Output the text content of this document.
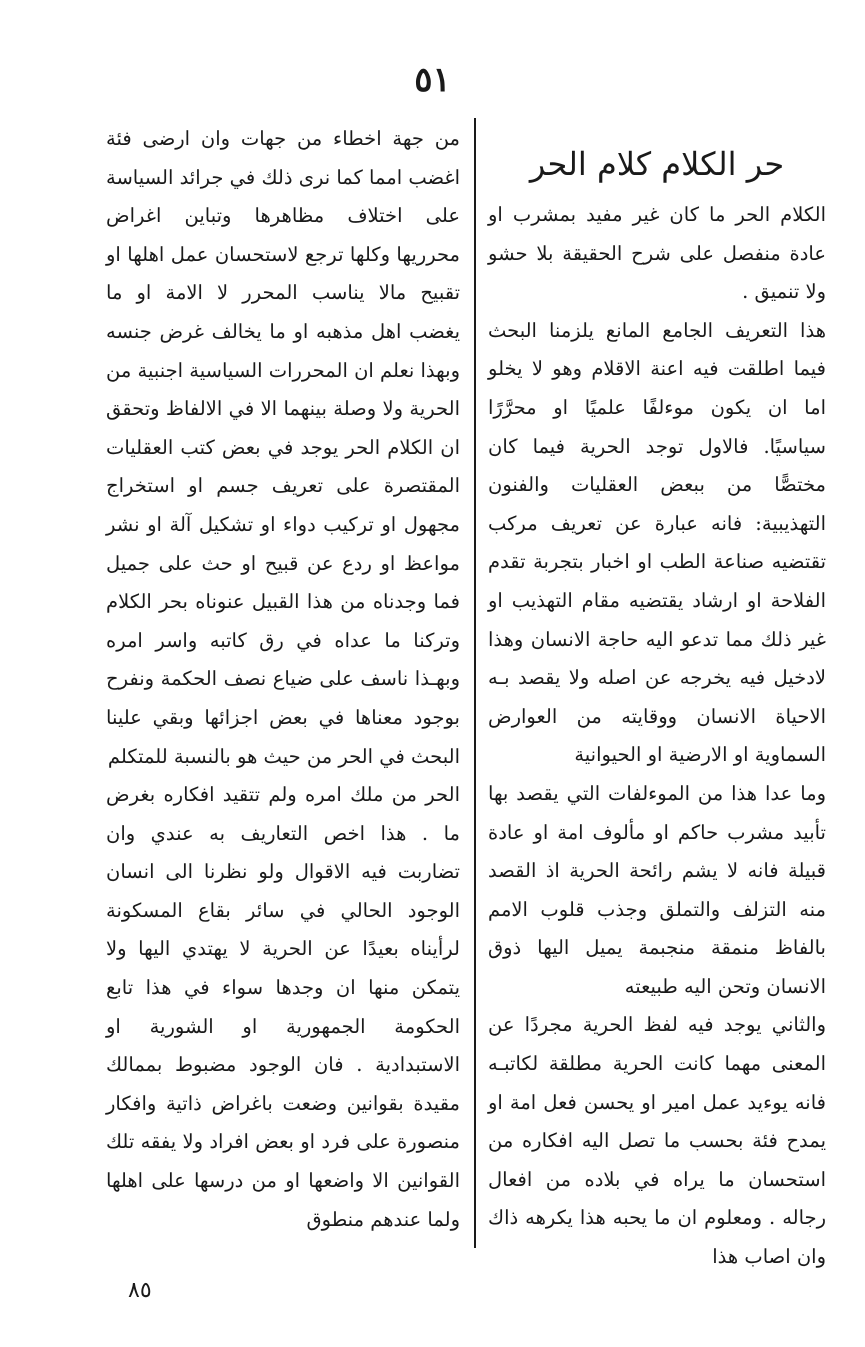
٥١

حر الكلام كلام الحر

الكلام الحر ما كان غير مفيد بمشرب او عادة منفصل على شرح الحقيقة بلا حشو ولا تنميق .

هذا التعريف الجامع المانع يلزمنا البحث فيما اطلقت فيه اعنة الاقلام وهو لا يخلو اما ان يكون موءلفًا علميًا او محرَّرًا سياسيًا. فالاول توجد الحرية فيما كان مختصًّا من ببعض العقليات والفنون التهذيبية: فانه عبارة عن تعريف مركب تقتضيه صناعة الطب او اخبار بتجربة تقدم الفلاحة او ارشاد يقتضيه مقام التهذيب او غير ذلك مما تدعو اليه حاجة الانسان وهذا لادخيل فيه يخرجه عن اصله ولا يقصد بـه الاحياة الانسان ووقايته من العوارض السماوية او الارضية او الحيوانية

وما عدا هذا من الموءلفات التي يقصد بها تأبيد مشرب حاكم او مألوف امة او عادة قبيلة فانه لا يشم رائحة الحرية اذ القصد منه التزلف والتملق وجذب قلوب الامم بالفاظ منمقة منجبمة يميل اليها ذوق الانسان وتحن اليه طبيعته

والثاني يوجد فيه لفظ الحرية مجردًا عن المعنى مهما كانت الحرية مطلقة لكاتبـه فانه يوءيد عمل امير او يحسن فعل امة او يمدح فئة بحسب ما تصل اليه افكاره من استحسان ما يراه في بلاده من افعال رجاله . ومعلوم ان ما يحبه هذا يكرهه ذاك وان اصاب هذا

من جهة اخطاء من جهات وان ارضى فئة اغضب امما كما نرى ذلك في جرائد السياسة على اختلاف مظاهرها وتباين اغراض محرريها وكلها ترجع لاستحسان عمل اهلها او تقبيح مالا يناسب المحرر لا الامة او ما يغضب اهل مذهبه او ما يخالف غرض جنسه وبهذا نعلم ان المحررات السياسية اجنبية من الحرية ولا وصلة بينهما الا في الالفاظ وتحقق ان الكلام الحر يوجد في بعض كتب العقليات المقتصرة على تعريف جسم او استخراج مجهول او تركيب دواء او تشكيل آلة او نشر مواعظ او ردع عن قبيح او حث على جميل فما وجدناه من هذا القبيل عنوناه بحر الكلام وتركنا ما عداه في رق كاتبه واسر امره وبهـذا ناسف على ضياع نصف الحكمة ونفرح بوجود معناها في بعض اجزائها وبقي علينا البحث في الحر من حيث هو بالنسبة للمتكلم

الحر من ملك امره ولم تتقيد افكاره بغرض ما . هذا اخص التعاريف به عندي وان تضاربت فيه الاقوال ولو نظرنا الى انسان الوجود الحالي في سائر بقاع المسكونة لرأيناه بعيدًا عن الحرية لا يهتدي اليها ولا يتمكن منها ان وجدها سواء في هذا تابع الحكومة الجمهورية او الشورية او الاستبدادية . فان الوجود مضبوط بممالك مقيدة بقوانين وضعت باغراض ذاتية وافكار منصورة على فرد او بعض افراد ولا يفقه تلك القوانين الا واضعها او من درسها على اهلها ولما عندهم منطوق

٨٥
